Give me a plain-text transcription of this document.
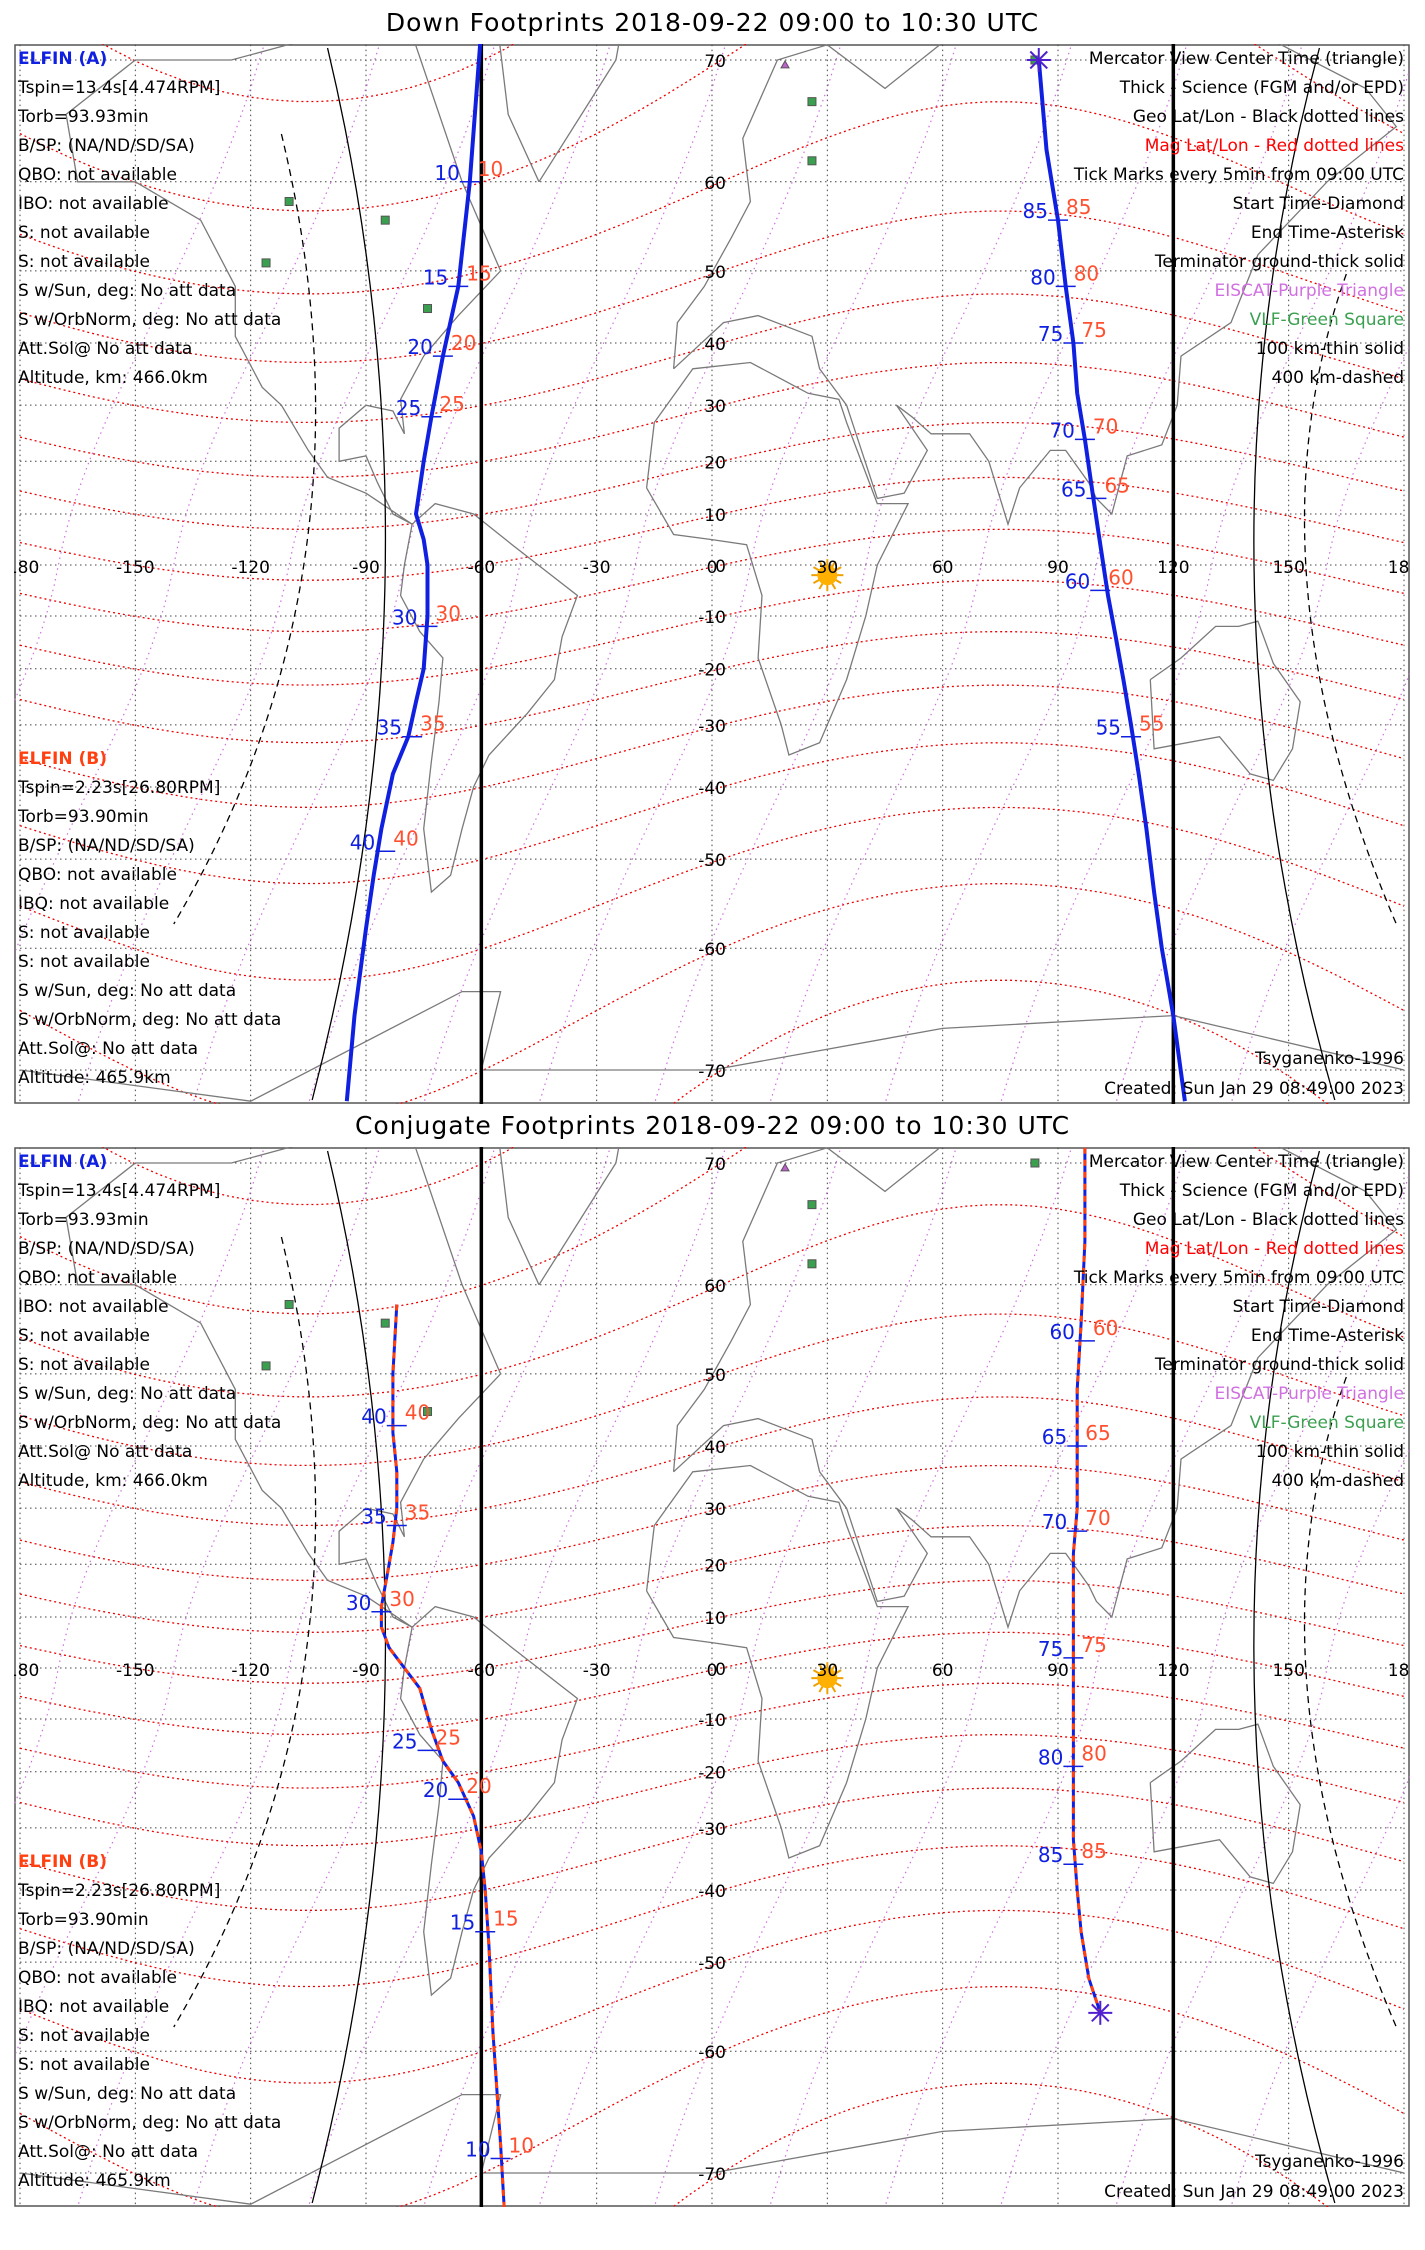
Down Footprints 2018-09-22 09:00 to 10:30 UTC
80	-150	-120	-90	-60	-30	0	30	60	90	120	150	18
70
60
50
40
30
20
10
0
-10
-20
-30
-40
-50
-60
-70
10 10
15 15
20 20
25 25
30 30
35 35
40 40
85 85
80 80
75 75
70 70
65 65
60 60
55 55
ELFIN (A)
Tspin=13.4s[4.474RPM]
Torb=93.93min
B/SP: (NA/ND/SD/SA)
QBO: not available
IBO: not available
S: not available
S: not available
S w/Sun, deg: No att data
S w/OrbNorm, deg: No att data
Att.Sol@ No att data
Altitude, km: 466.0km
ELFIN (B)
Tspin=2.23s[26.80RPM]
Torb=93.90min
B/SP: (NA/ND/SD/SA)
QBO: not available
IBQ: not available
S: not available
S: not available
S w/Sun, deg: No att data
S w/OrbNorm, deg: No att data
Att.Sol@: No att data
Altitude: 465.9km
Mercator View Center Time (triangle)
Thick - Science (FGM and/or EPD)
Geo Lat/Lon - Black dotted lines
Mag Lat/Lon - Red dotted lines
Tick Marks every 5min from 09:00 UTC
Start Time-Diamond
End Time-Asterisk
Terminator ground-thick solid
EISCAT-Purple Triangle
VLF-Green Square
100 km-thin solid
400 km-dashed
Tsyganenko-1996
Created: Sun Jan 29 08:49:00 2023
Conjugate Footprints 2018-09-22 09:00 to 10:30 UTC
80	-150	-120	-90	-60	-30	0	30	60	90	120	150	18
70
60
50
40
30
20
10
0
-10
-20
-30
-40
-50
-60
-70
40 40
35 35
30 30
25 25
20 20
15 15
10 10
60 60
65 65
70 70
75 75
80 80
85 85
ELFIN (A)
Tspin=13.4s[4.474RPM]
Torb=93.93min
B/SP: (NA/ND/SD/SA)
QBO: not available
IBO: not available
S: not available
S: not available
S w/Sun, deg: No att data
S w/OrbNorm, deg: No att data
Att.Sol@ No att data
Altitude, km: 466.0km
ELFIN (B)
Tspin=2.23s[26.80RPM]
Torb=93.90min
B/SP: (NA/ND/SD/SA)
QBO: not available
IBQ: not available
S: not available
S: not available
S w/Sun, deg: No att data
S w/OrbNorm, deg: No att data
Att.Sol@: No att data
Altitude: 465.9km
Mercator View Center Time (triangle)
Thick - Science (FGM and/or EPD)
Geo Lat/Lon - Black dotted lines
Mag Lat/Lon - Red dotted lines
Tick Marks every 5min from 09:00 UTC
Start Time-Diamond
End Time-Asterisk
Terminator ground-thick solid
EISCAT-Purple Triangle
VLF-Green Square
100 km-thin solid
400 km-dashed
Tsyganenko-1996
Created: Sun Jan 29 08:49:00 2023
